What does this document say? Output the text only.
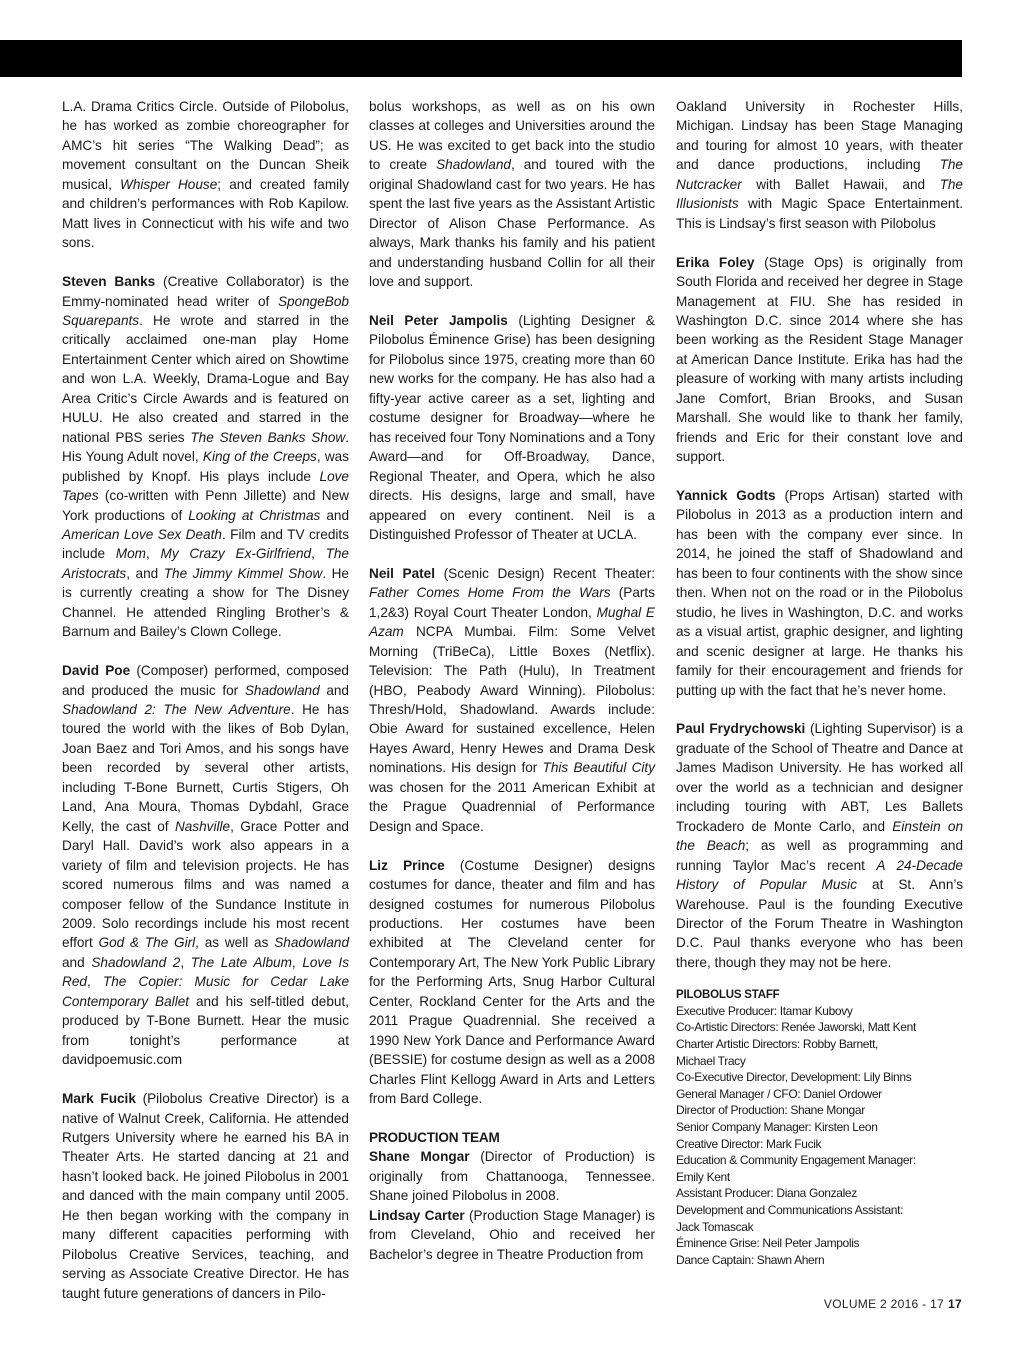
L.A. Drama Critics Circle. Outside of Pilobolus, he has worked as zombie choreographer for AMC’s hit series “The Walking Dead”; as movement consultant on the Duncan Sheik musical, Whisper House; and created family and children’s performances with Rob Kapilow. Matt lives in Connecticut with his wife and two sons.

Steven Banks (Creative Collaborator) is the Emmy-nominated head writer of SpongeBob Squarepants. He wrote and starred in the critically acclaimed one-man play Home Entertainment Center which aired on Showtime and won L.A. Weekly, Drama-Logue and Bay Area Critic’s Circle Awards and is featured on HULU. He also created and starred in the national PBS series The Steven Banks Show. His Young Adult novel, King of the Creeps, was published by Knopf. His plays include Love Tapes (co-written with Penn Jillette) and New York productions of Looking at Christmas and American Love Sex Death. Film and TV credits include Mom, My Crazy Ex-Girlfriend, The Aristocrats, and The Jimmy Kimmel Show. He is currently creating a show for The Disney Channel. He attended Ringling Brother’s & Barnum and Bailey’s Clown College.

David Poe (Composer) performed, composed and produced the music for Shadowland and Shadowland 2: The New Adventure. He has toured the world with the likes of Bob Dylan, Joan Baez and Tori Amos, and his songs have been recorded by several other artists, including T-Bone Burnett, Curtis Stigers, Oh Land, Ana Moura, Thomas Dybdahl, Grace Kelly, the cast of Nashville, Grace Potter and Daryl Hall. David’s work also appears in a variety of film and television projects. He has scored numerous films and was named a composer fellow of the Sundance Institute in 2009. Solo recordings include his most recent effort God & The Girl, as well as Shadowland and Shadowland 2, The Late Album, Love Is Red, The Copier: Music for Cedar Lake Contemporary Ballet and his self-titled debut, produced by T-Bone Burnett. Hear the music from tonight’s performance at davidpoemusic.com

Mark Fucik (Pilobolus Creative Director) is a native of Walnut Creek, California. He attended Rutgers University where he earned his BA in Theater Arts. He started dancing at 21 and hasn’t looked back. He joined Pilobolus in 2001 and danced with the main company until 2005. He then began working with the company in many different capacities performing with Pilobolus Creative Services, teaching, and serving as Associate Creative Director. He has taught future generations of dancers in Pilo-

bolus workshops, as well as on his own classes at colleges and Universities around the US. He was excited to get back into the studio to create Shadowland, and toured with the original Shadowland cast for two years. He has spent the last five years as the Assistant Artistic Director of Alison Chase Performance. As always, Mark thanks his family and his patient and understanding husband Collin for all their love and support.

Neil Peter Jampolis (Lighting Designer & Pilobolus Éminence Grise) has been designing for Pilobolus since 1975, creating more than 60 new works for the company. He has also had a fifty-year active career as a set, lighting and costume designer for Broadway—where he has received four Tony Nominations and a Tony Award—and for Off-Broadway, Dance, Regional Theater, and Opera, which he also directs. His designs, large and small, have appeared on every continent. Neil is a Distinguished Professor of Theater at UCLA.

Neil Patel (Scenic Design) Recent Theater: Father Comes Home From the Wars (Parts 1,2&3) Royal Court Theater London, Mughal E Azam NCPA Mumbai. Film: Some Velvet Morning (TriBeCa), Little Boxes (Netflix). Television: The Path (Hulu), In Treatment (HBO, Peabody Award Winning). Pilobolus: Thresh/Hold, Shadowland. Awards include: Obie Award for sustained excellence, Helen Hayes Award, Henry Hewes and Drama Desk nominations. His design for This Beautiful City was chosen for the 2011 American Exhibit at the Prague Quadrennial of Performance Design and Space.

Liz Prince (Costume Designer) designs costumes for dance, theater and film and has designed costumes for numerous Pilobolus productions. Her costumes have been exhibited at The Cleveland center for Contemporary Art, The New York Public Library for the Performing Arts, Snug Harbor Cultural Center, Rockland Center for the Arts and the 2011 Prague Quadrennial. She received a 1990 New York Dance and Performance Award (BESSIE) for costume design as well as a 2008 Charles Flint Kellogg Award in Arts and Letters from Bard College.

PRODUCTION TEAM

Shane Mongar (Director of Production) is originally from Chattanooga, Tennessee. Shane joined Pilobolus in 2008.

Lindsay Carter (Production Stage Manager) is from Cleveland, Ohio and received her Bachelor’s degree in Theatre Production from

Oakland University in Rochester Hills, Michigan. Lindsay has been Stage Managing and touring for almost 10 years, with theater and dance productions, including The Nutcracker with Ballet Hawaii, and The Illusionists with Magic Space Entertainment. This is Lindsay’s first season with Pilobolus

Erika Foley (Stage Ops) is originally from South Florida and received her degree in Stage Management at FIU. She has resided in Washington D.C. since 2014 where she has been working as the Resident Stage Manager at American Dance Institute. Erika has had the pleasure of working with many artists including Jane Comfort, Brian Brooks, and Susan Marshall. She would like to thank her family, friends and Eric for their constant love and support.

Yannick Godts (Props Artisan) started with Pilobolus in 2013 as a production intern and has been with the company ever since. In 2014, he joined the staff of Shadowland and has been to four continents with the show since then. When not on the road or in the Pilobolus studio, he lives in Washington, D.C. and works as a visual artist, graphic designer, and lighting and scenic designer at large. He thanks his family for their encouragement and friends for putting up with the fact that he’s never home.

Paul Frydrychowski (Lighting Supervisor) is a graduate of the School of Theatre and Dance at James Madison University. He has worked all over the world as a technician and designer including touring with ABT, Les Ballets Trockadero de Monte Carlo, and Einstein on the Beach; as well as programming and running Taylor Mac’s recent A 24-Decade History of Popular Music at St. Ann’s Warehouse. Paul is the founding Executive Director of the Forum Theatre in Washington D.C. Paul thanks everyone who has been there, though they may not be here.

PILOBOLUS STAFF
Executive Producer: Itamar Kubovy
Co-Artistic Directors: Renée Jaworski, Matt Kent
Charter Artistic Directors: Robby Barnett,
Michael Tracy
Co-Executive Director, Development: Lily Binns
General Manager / CFO: Daniel Ordower
Director of Production: Shane Mongar
Senior Company Manager: Kirsten Leon
Creative Director: Mark Fucik
Education & Community Engagement Manager:
Emily Kent
Assistant Producer: Diana Gonzalez
Development and Communications Assistant:
Jack Tomascak
Éminence Grise: Neil Peter Jampolis
Dance Captain: Shawn Ahern
VOLUME 2 2016 - 17 17
